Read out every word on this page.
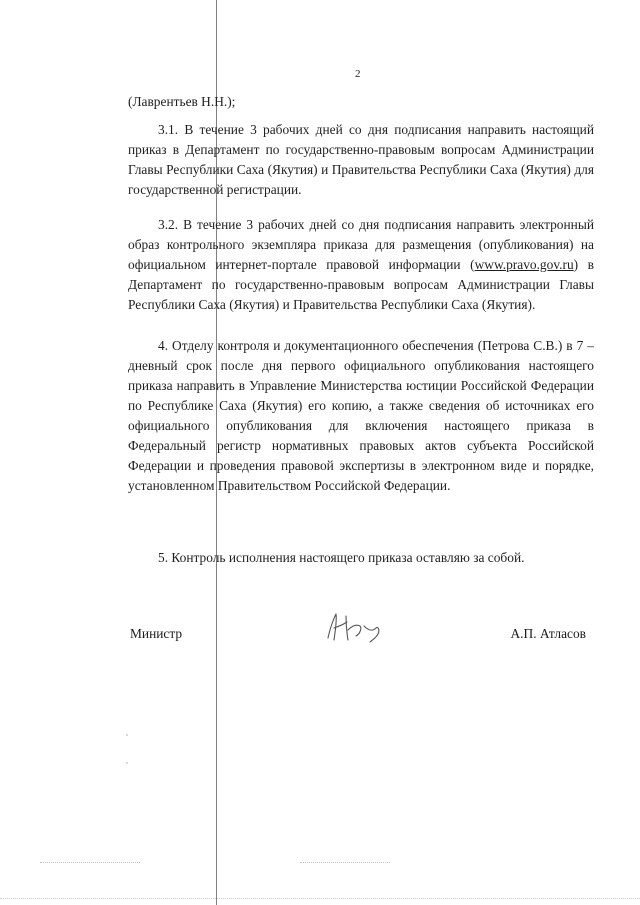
2

(Лаврентьев Н.Н.);

3.1. В течение 3 рабочих дней со дня подписания направить настоящий приказ в Департамент по государственно-правовым вопросам Администрации Главы Республики Саха (Якутия) и Правительства Республики Саха (Якутия) для государственной регистрации.

3.2. В течение 3 рабочих дней со дня подписания направить электронный образ контрольного экземпляра приказа для размещения (опубликования) на официальном интернет-портале правовой информации (www.pravo.gov.ru) в Департамент по государственно-правовым вопросам Администрации Главы Республики Саха (Якутия) и Правительства Республики Саха (Якутия).

4. Отделу контроля и документационного обеспечения (Петрова С.В.) в 7 – дневный срок после дня первого официального опубликования настоящего приказа направить в Управление Министерства юстиции Российской Федерации по Республике Саха (Якутия) его копию, а также сведения об источниках его официального опубликования для включения настоящего приказа в Федеральный регистр нормативных правовых актов субъекта Российской Федерации и проведения правовой экспертизы в электронном виде и порядке, установленном Правительством Российской Федерации.

5. Контроль исполнения настоящего приказа оставляю за собой.

Министр	А.П. Атласов
